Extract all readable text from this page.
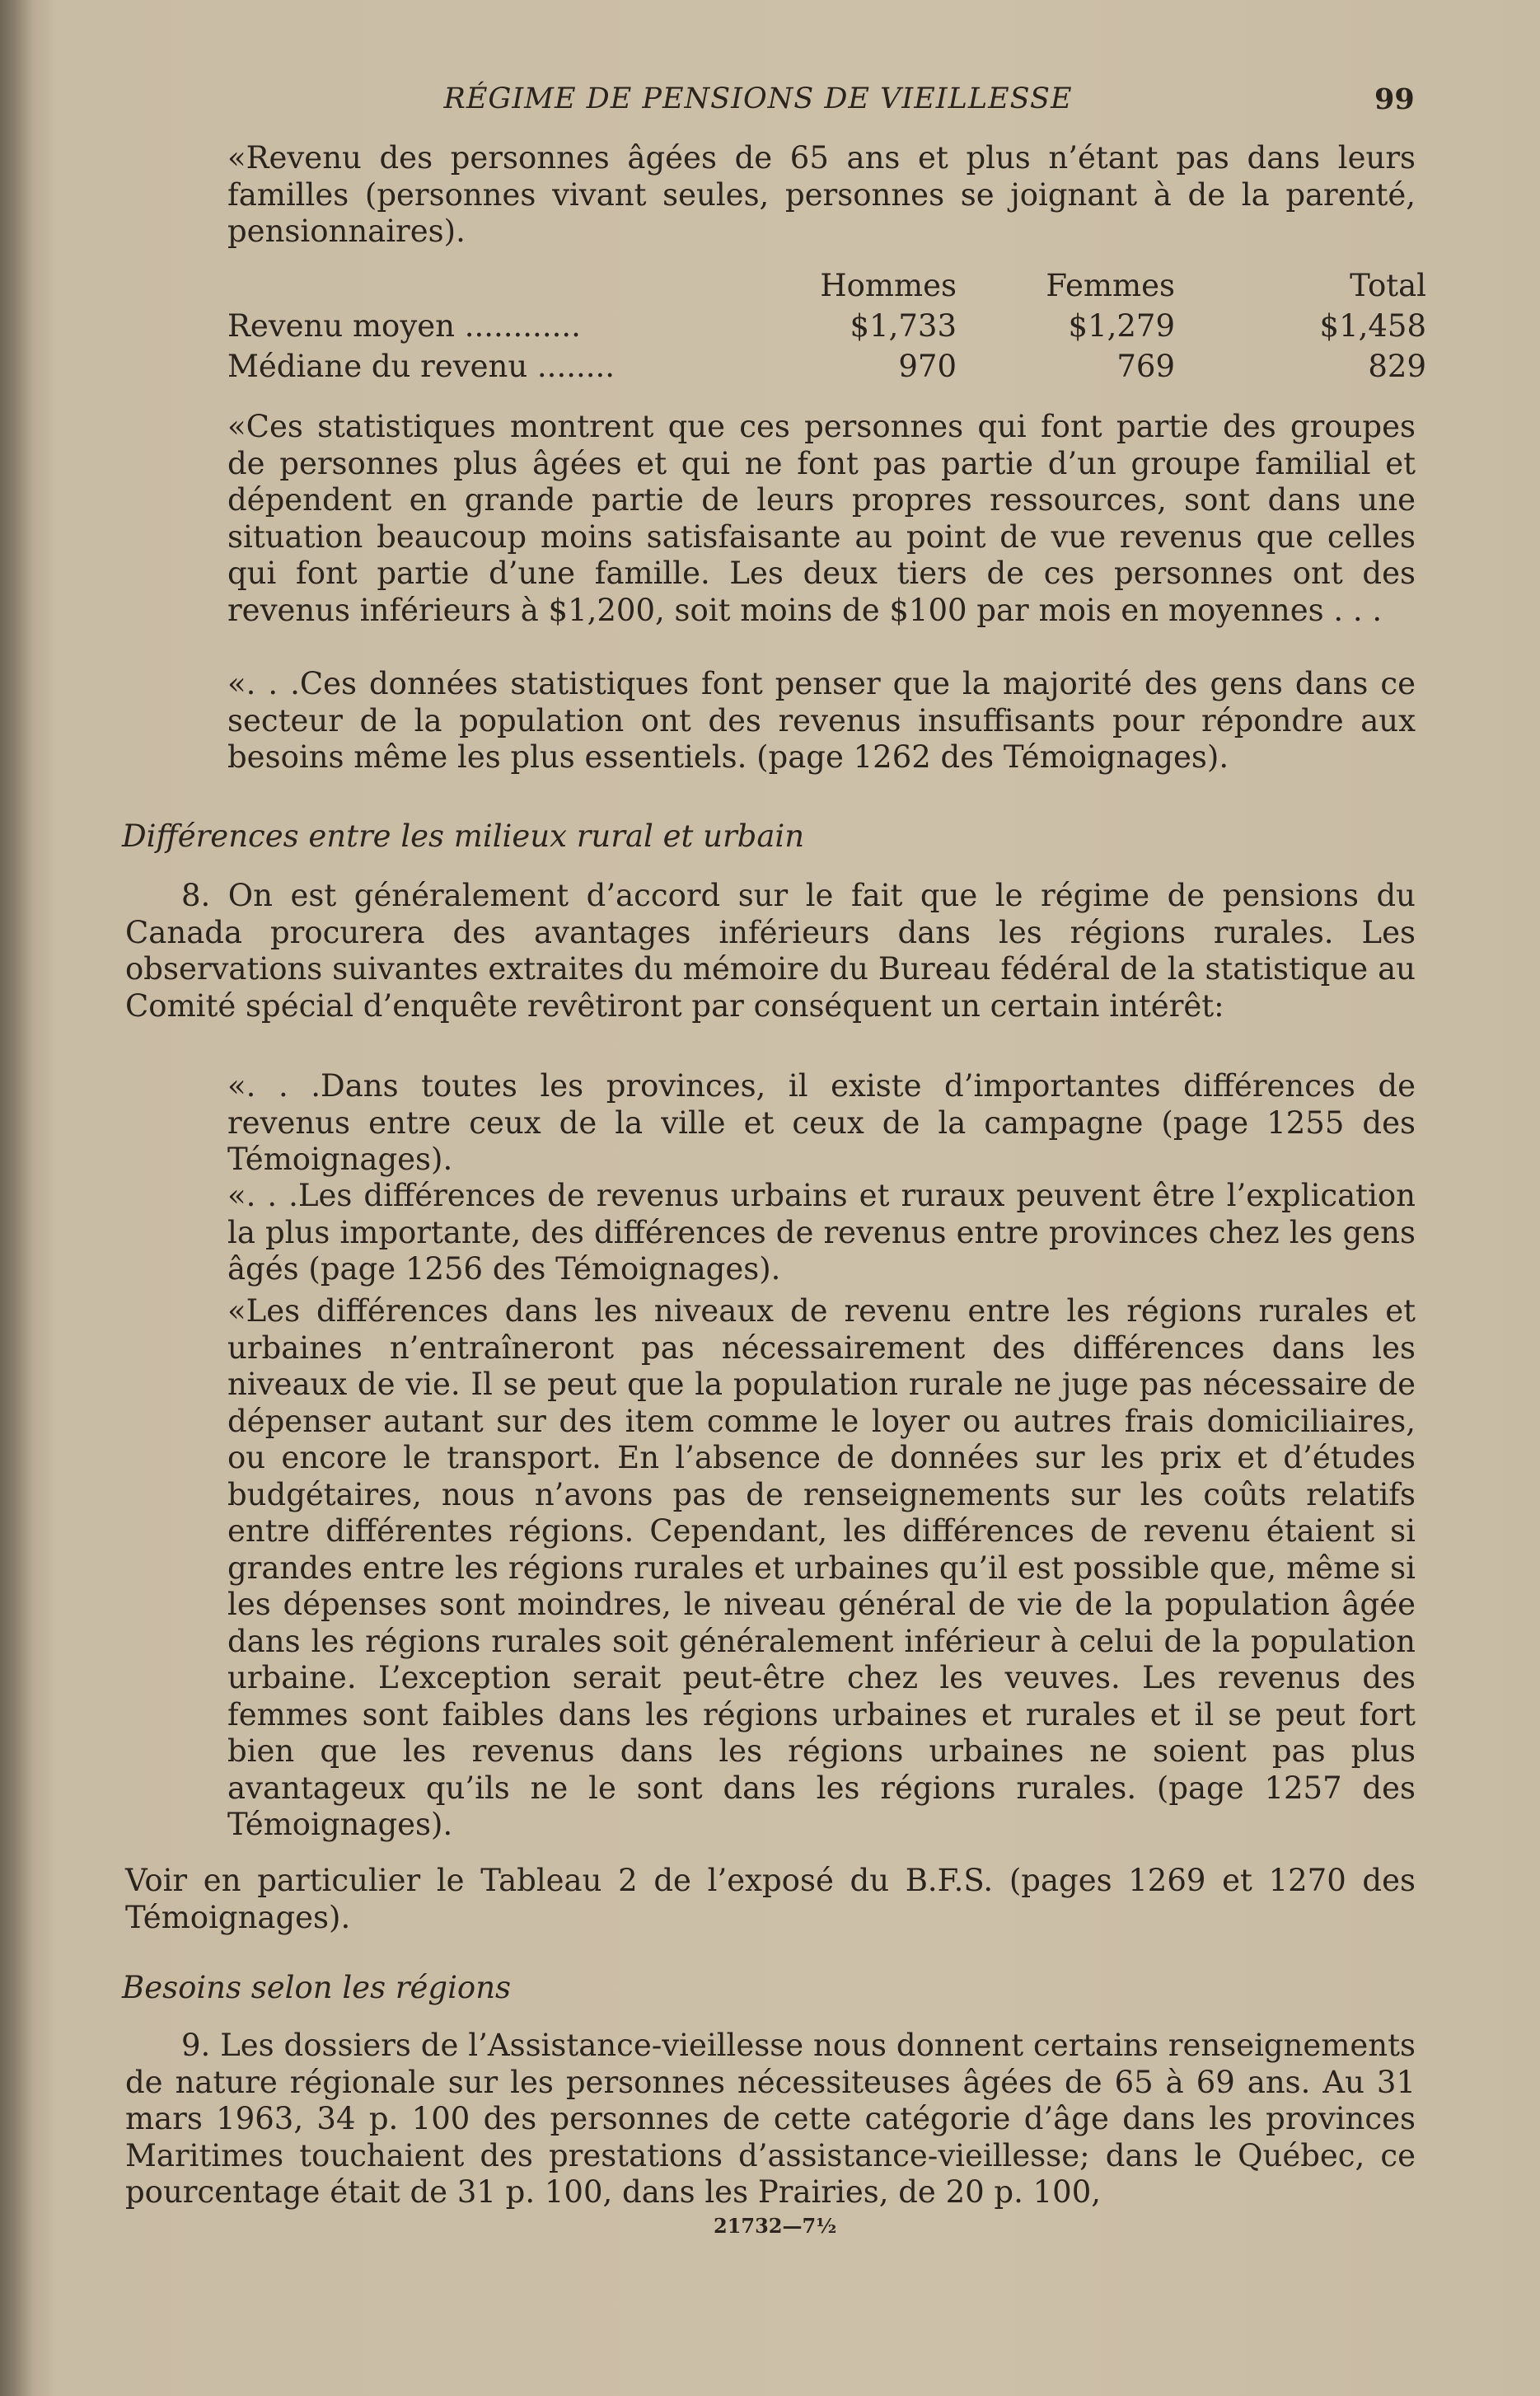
RÉGIME DE PENSIONS DE VIEILLESSE	99

«Revenu des personnes âgées de 65 ans et plus n’étant pas dans leurs familles (personnes vivant seules, personnes se joignant à de la parenté, pensionnaires).

	Hommes	Femmes	Total
Revenu moyen ............	$1,733	$1,279	$1,458
Médiane du revenu ........	970	769	829

«Ces statistiques montrent que ces personnes qui font partie des groupes de personnes plus âgées et qui ne font pas partie d’un groupe familial et dépendent en grande partie de leurs propres ressources, sont dans une situation beaucoup moins satisfaisante au point de vue revenus que celles qui font partie d’une famille. Les deux tiers de ces personnes ont des revenus inférieurs à $1,200, soit moins de $100 par mois en moyennes . . .

«. . .Ces données statistiques font penser que la majorité des gens dans ce secteur de la population ont des revenus insuffisants pour répondre aux besoins même les plus essentiels. (page 1262 des Témoignages).

Différences entre les milieux rural et urbain

8. On est généralement d’accord sur le fait que le régime de pensions du Canada procurera des avantages inférieurs dans les régions rurales. Les observations suivantes extraites du mémoire du Bureau fédéral de la statistique au Comité spécial d’enquête revêtiront par conséquent un certain intérêt:

«. . .Dans toutes les provinces, il existe d’importantes différences de revenus entre ceux de la ville et ceux de la campagne (page 1255 des Témoignages).

«. . .Les différences de revenus urbains et ruraux peuvent être l’explication la plus importante, des différences de revenus entre provinces chez les gens âgés (page 1256 des Témoignages).

«Les différences dans les niveaux de revenu entre les régions rurales et urbaines n’entraîneront pas nécessairement des différences dans les niveaux de vie. Il se peut que la population rurale ne juge pas nécessaire de dépenser autant sur des item comme le loyer ou autres frais domiciliaires, ou encore le transport. En l’absence de données sur les prix et d’études budgétaires, nous n’avons pas de renseignements sur les coûts relatifs entre différentes régions. Cependant, les différences de revenu étaient si grandes entre les régions rurales et urbaines qu’il est possible que, même si les dépenses sont moindres, le niveau général de vie de la population âgée dans les régions rurales soit généralement inférieur à celui de la population urbaine. L’exception serait peut-être chez les veuves. Les revenus des femmes sont faibles dans les régions urbaines et rurales et il se peut fort bien que les revenus dans les régions urbaines ne soient pas plus avantageux qu’ils ne le sont dans les régions rurales. (page 1257 des Témoignages).

Voir en particulier le Tableau 2 de l’exposé du B.F.S. (pages 1269 et 1270 des Témoignages).

Besoins selon les régions

9. Les dossiers de l’Assistance-vieillesse nous donnent certains renseignements de nature régionale sur les personnes nécessiteuses âgées de 65 à 69 ans. Au 31 mars 1963, 34 p. 100 des personnes de cette catégorie d’âge dans les provinces Maritimes touchaient des prestations d’assistance-vieillesse; dans le Québec, ce pourcentage était de 31 p. 100, dans les Prairies, de 20 p. 100,

21732—7½
